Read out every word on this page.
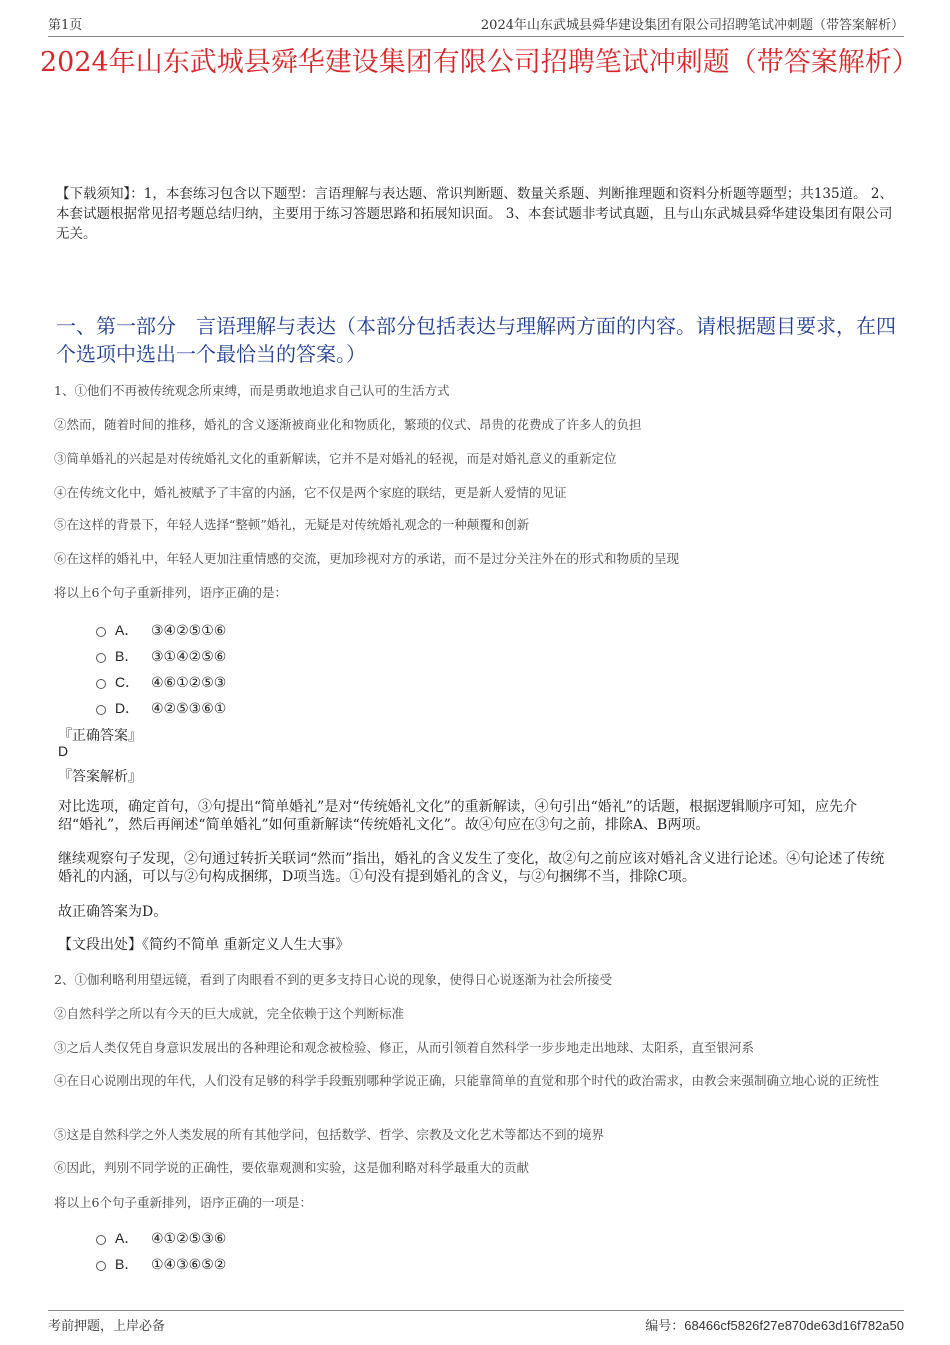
第1页	2024年山东武城县舜华建设集团有限公司招聘笔试冲刺题（带答案解析）
2024年山东武城县舜华建设集团有限公司招聘笔试冲刺题（带答案解析）
【下载须知】：1，本套练习包含以下题型：言语理解与表达题、常识判断题、数量关系题、判断推理题和资料分析题等题型；共135道。 2、本套试题根据常见招考题总结归纳，主要用于练习答题思路和拓展知识面。 3、本套试题非考试真题，且与山东武城县舜华建设集团有限公司无关。
一、第一部分　言语理解与表达（本部分包括表达与理解两方面的内容。请根据题目要求，在四个选项中选出一个最恰当的答案。）
1、①他们不再被传统观念所束缚，而是勇敢地追求自己认可的生活方式
②然而，随着时间的推移，婚礼的含义逐渐被商业化和物质化，繁琐的仪式、昂贵的花费成了许多人的负担
③简单婚礼的兴起是对传统婚礼文化的重新解读，它并不是对婚礼的轻视，而是对婚礼意义的重新定位
④在传统文化中，婚礼被赋予了丰富的内涵，它不仅是两个家庭的联结，更是新人爱情的见证
⑤在这样的背景下，年轻人选择“整顿”婚礼，无疑是对传统婚礼观念的一种颠覆和创新
⑥在这样的婚礼中，年轻人更加注重情感的交流，更加珍视对方的承诺，而不是过分关注外在的形式和物质的呈现
将以上6个句子重新排列，语序正确的是：
A． ③④②⑤①⑥
B． ③①④②⑤⑥
C． ④⑥①②⑤③
D． ④②⑤③⑥①
『正确答案』
D
『答案解析』
对比选项，确定首句，③句提出“简单婚礼”是对“传统婚礼文化”的重新解读，④句引出“婚礼”的话题，根据逻辑顺序可知，应先介绍“婚礼”，然后再阐述“简单婚礼”如何重新解读“传统婚礼文化”。故④句应在③句之前，排除A、B两项。
继续观察句子发现，②句通过转折关联词“然而”指出，婚礼的含义发生了变化，故②句之前应该对婚礼含义进行论述。④句论述了传统婚礼的内涵，可以与②句构成捆绑，D项当选。①句没有提到婚礼的含义，与②句捆绑不当，排除C项。
故正确答案为D。
【文段出处】《简约不简单 重新定义人生大事》
2、①伽利略利用望远镜，看到了肉眼看不到的更多支持日心说的现象，使得日心说逐渐为社会所接受
②自然科学之所以有今天的巨大成就，完全依赖于这个判断标准
③之后人类仅凭自身意识发展出的各种理论和观念被检验、修正，从而引领着自然科学一步步地走出地球、太阳系，直至银河系
④在日心说刚出现的年代，人们没有足够的科学手段甄别哪种学说正确，只能靠简单的直觉和那个时代的政治需求，由教会来强制确立地心说的正统性
⑤这是自然科学之外人类发展的所有其他学问，包括数学、哲学、宗教及文化艺术等都达不到的境界
⑥因此，判别不同学说的正确性，要依靠观测和实验，这是伽利略对科学最重大的贡献
将以上6个句子重新排列，语序正确的一项是：
A． ④①②⑤③⑥
B． ①④③⑥⑤②
考前押题，上岸必备	编号：68466cf5826f27e870de63d16f782a50
